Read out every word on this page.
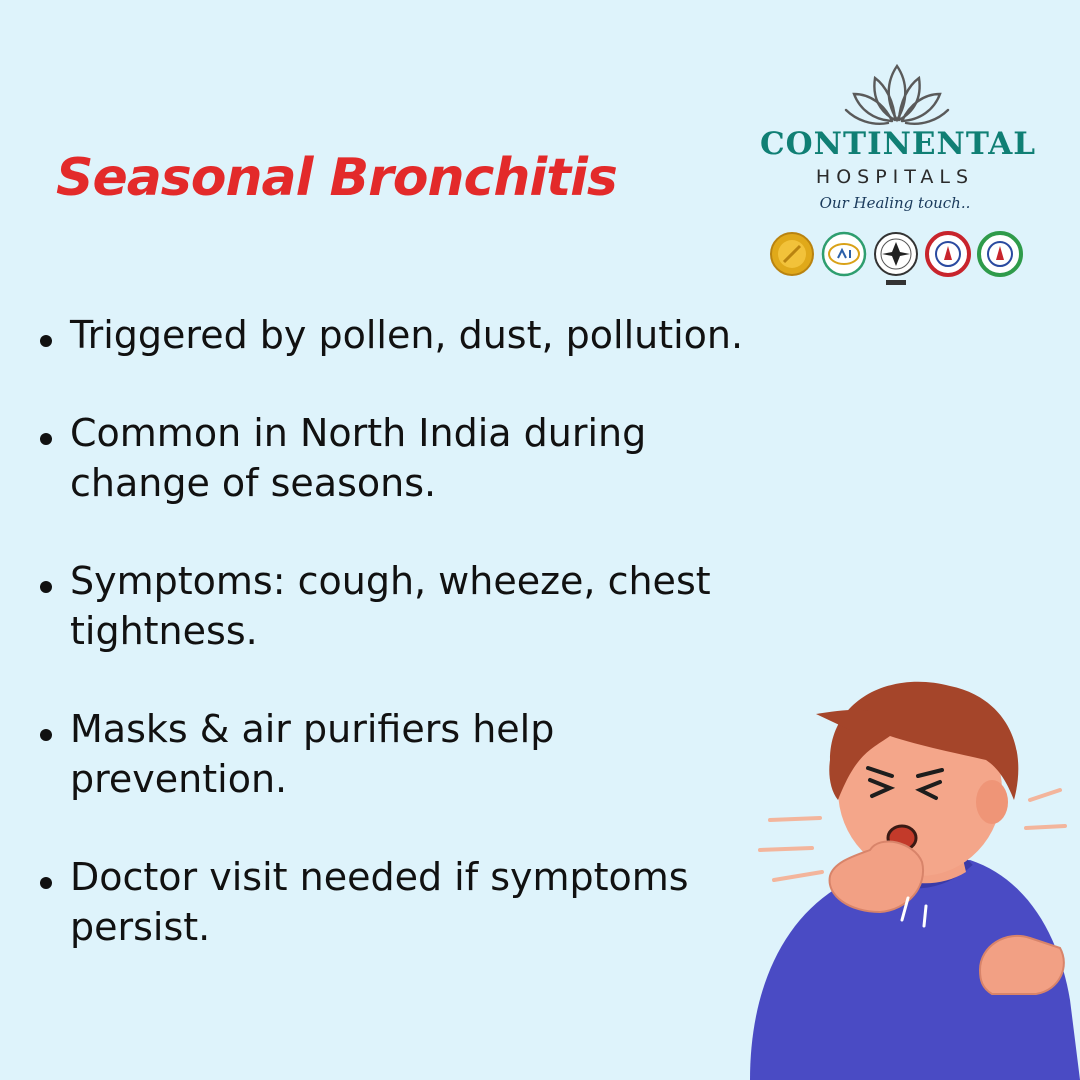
Seasonal Bronchitis
CONTINENTAL
HOSPITALS
Our Healing touch..
Triggered by pollen, dust, pollution.
Common in North India during change of seasons.
Symptoms: cough, wheeze, chest tightness.
Masks & air purifiers help prevention.
Doctor visit needed if symptoms persist.
